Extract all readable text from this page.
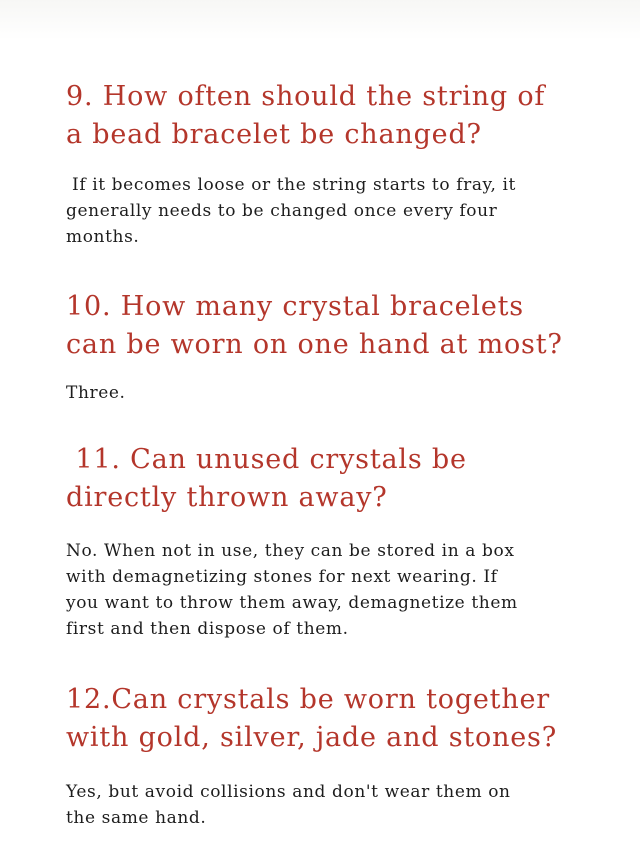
9. How often should the string of
a bead bracelet be changed?

If it becomes loose or the string starts to fray, it
generally needs to be changed once every four
months.

10. How many crystal bracelets
can be worn on one hand at most?

Three.

11. Can unused crystals be
directly thrown away?

No. When not in use, they can be stored in a box
with demagnetizing stones for next wearing. If
you want to throw them away, demagnetize them
first and then dispose of them.

12.Can crystals be worn together
with gold, silver, jade and stones?

Yes, but avoid collisions and don't wear them on
the same hand.
